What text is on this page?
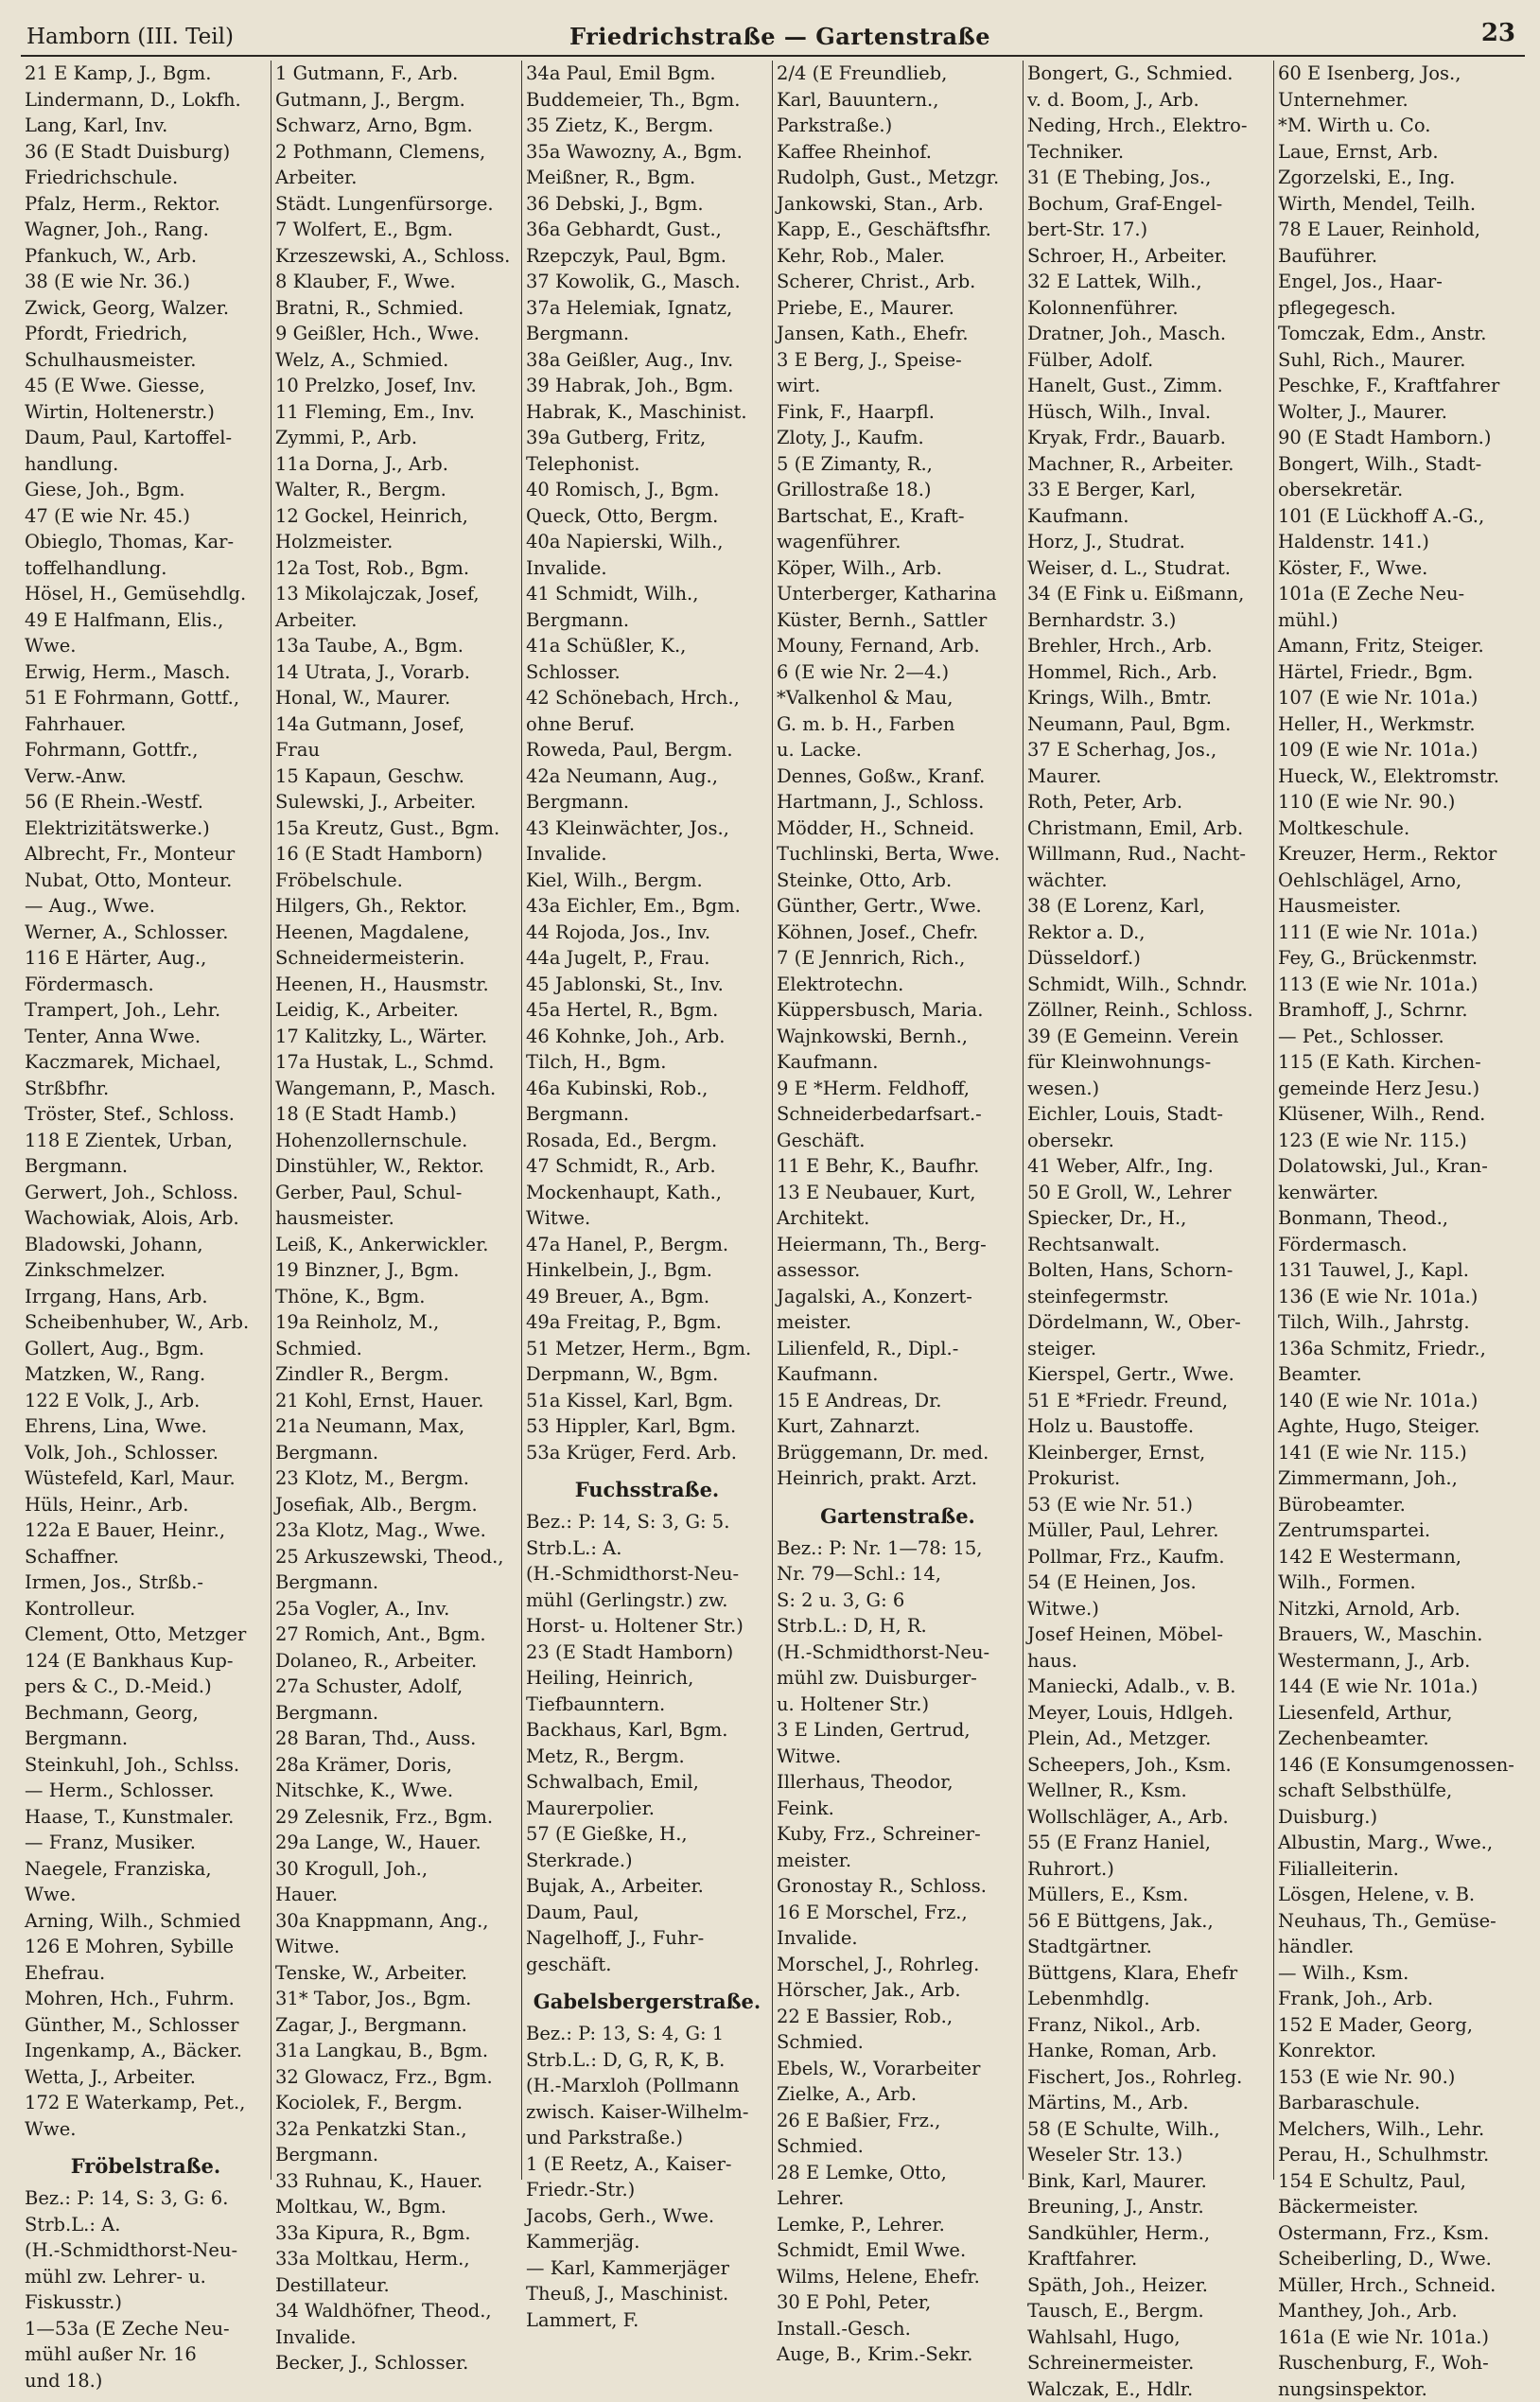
Hamborn (III. Teil)	Friedrichstraße — Gartenstraße	23
21 E Kamp, J., Bgm.
Lindermann, D., Lokfh.
Lang, Karl, Inv.
36 (E Stadt Duisburg)
Friedrichschule.
Pfalz, Herm., Rektor.
Wagner, Joh., Rang.
Pfankuch, W., Arb.
38 (E wie Nr. 36.)
Zwick, Georg, Walzer.
Pfordt, Friedrich,
Schulhausmeister.
45 (E Wwe. Giesse,
Wirtin, Holtenerstr.)
Daum, Paul, Kartoffel-
handlung.
Giese, Joh., Bgm.
47 (E wie Nr. 45.)
Obieglo, Thomas, Kar-
toffelhandlung.
Hösel, H., Gemüsehdlg.
49 E Halfmann, Elis.,
Wwe.
Erwig, Herm., Masch.
51 E Fohrmann, Gottf.,
Fahrhauer.
Fohrmann, Gottfr.,
Verw.-Anw.
56 (E Rhein.-Westf.
Elektrizitätswerke.)
Albrecht, Fr., Monteur
Nubat, Otto, Monteur.
— Aug., Wwe.
Werner, A., Schlosser.
116 E Härter, Aug.,
Fördermasch.
Trampert, Joh., Lehr.
Tenter, Anna Wwe.
Kaczmarek, Michael,
Strßbfhr.
Tröster, Stef., Schloss.
118 E Zientek, Urban,
Bergmann.
Gerwert, Joh., Schloss.
Wachowiak, Alois, Arb.
Bladowski, Johann,
Zinkschmelzer.
Irrgang, Hans, Arb.
Scheibenhuber, W., Arb.
Gollert, Aug., Bgm.
Matzken, W., Rang.
122 E Volk, J., Arb.
Ehrens, Lina, Wwe.
Volk, Joh., Schlosser.
Wüstefeld, Karl, Maur.
Hüls, Heinr., Arb.
122a E Bauer, Heinr.,
Schaffner.
Irmen, Jos., Strßb.-
Kontrolleur.
Clement, Otto, Metzger
124 (E Bankhaus Kup-
pers & C., D.-Meid.)
Bechmann, Georg,
Bergmann.
Steinkuhl, Joh., Schlss.
— Herm., Schlosser.
Haase, T., Kunstmaler.
— Franz, Musiker.
Naegele, Franziska,
Wwe.
Arning, Wilh., Schmied
126 E Mohren, Sybille
Ehefrau.
Mohren, Hch., Fuhrm.
Günther, M., Schlosser
Ingenkamp, A., Bäcker.
Wetta, J., Arbeiter.
172 E Waterkamp, Pet.,
Wwe.
Fröbelstraße.
Bez.: P: 14, S: 3, G: 6.
Strb.L.: A.
(H.-Schmidthorst-Neu-
mühl zw. Lehrer- u.
Fiskusstr.)
1—53a (E Zeche Neu-
mühl außer Nr. 16
und 18.)
1 Gutmann, F., Arb.
Gutmann, J., Bergm.
Schwarz, Arno, Bgm.
2 Pothmann, Clemens,
Arbeiter.
Städt. Lungenfürsorge.
7 Wolfert, E., Bgm.
Krzeszewski, A., Schloss.
8 Klauber, F., Wwe.
Bratni, R., Schmied.
9 Geißler, Hch., Wwe.
Welz, A., Schmied.
10 Prelzko, Josef, Inv.
11 Fleming, Em., Inv.
Zymmi, P., Arb.
11a Dorna, J., Arb.
Walter, R., Bergm.
12 Gockel, Heinrich,
Holzmeister.
12a Tost, Rob., Bgm.
13 Mikolajczak, Josef,
Arbeiter.
13a Taube, A., Bgm.
14 Utrata, J., Vorarb.
Honal, W., Maurer.
14a Gutmann, Josef,
Frau
15 Kapaun, Geschw.
Sulewski, J., Arbeiter.
15a Kreutz, Gust., Bgm.
16 (E Stadt Hamborn)
Fröbelschule.
Hilgers, Gh., Rektor.
Heenen, Magdalene,
Schneidermeisterin.
Heenen, H., Hausmstr.
Leidig, K., Arbeiter.
17 Kalitzky, L., Wärter.
17a Hustak, L., Schmd.
Wangemann, P., Masch.
18 (E Stadt Hamb.)
Hohenzollernschule.
Dinstühler, W., Rektor.
Gerber, Paul, Schul-
hausmeister.
Leiß, K., Ankerwickler.
19 Binzner, J., Bgm.
Thöne, K., Bgm.
19a Reinholz, M.,
Schmied.
Zindler R., Bergm.
21 Kohl, Ernst, Hauer.
21a Neumann, Max,
Bergmann.
23 Klotz, M., Bergm.
Josefiak, Alb., Bergm.
23a Klotz, Mag., Wwe.
25 Arkuszewski, Theod.,
Bergmann.
25a Vogler, A., Inv.
27 Romich, Ant., Bgm.
Dolaneo, R., Arbeiter.
27a Schuster, Adolf,
Bergmann.
28 Baran, Thd., Auss.
28a Krämer, Doris,
Nitschke, K., Wwe.
29 Zelesnik, Frz., Bgm.
29a Lange, W., Hauer.
30 Krogull, Joh.,
Hauer.
30a Knappmann, Ang.,
Witwe.
Tenske, W., Arbeiter.
31* Tabor, Jos., Bgm.
Zagar, J., Bergmann.
31a Langkau, B., Bgm.
32 Glowacz, Frz., Bgm.
Kociolek, F., Bergm.
32a Penkatzki Stan.,
Bergmann.
33 Ruhnau, K., Hauer.
Moltkau, W., Bgm.
33a Kipura, R., Bgm.
33a Moltkau, Herm.,
Destillateur.
34 Waldhöfner, Theod.,
Invalide.
Becker, J., Schlosser.
34a Paul, Emil Bgm.
Buddemeier, Th., Bgm.
35 Zietz, K., Bergm.
35a Wawozny, A., Bgm.
Meißner, R., Bgm.
36 Debski, J., Bgm.
36a Gebhardt, Gust.,
Rzepczyk, Paul, Bgm.
37 Kowolik, G., Masch.
37a Helemiak, Ignatz,
Bergmann.
38a Geißler, Aug., Inv.
39 Habrak, Joh., Bgm.
Habrak, K., Maschinist.
39a Gutberg, Fritz,
Telephonist.
40 Romisch, J., Bgm.
Queck, Otto, Bergm.
40a Napierski, Wilh.,
Invalide.
41 Schmidt, Wilh.,
Bergmann.
41a Schüßler, K.,
Schlosser.
42 Schönebach, Hrch.,
ohne Beruf.
Roweda, Paul, Bergm.
42a Neumann, Aug.,
Bergmann.
43 Kleinwächter, Jos.,
Invalide.
Kiel, Wilh., Bergm.
43a Eichler, Em., Bgm.
44 Rojoda, Jos., Inv.
44a Jugelt, P., Frau.
45 Jablonski, St., Inv.
45a Hertel, R., Bgm.
46 Kohnke, Joh., Arb.
Tilch, H., Bgm.
46a Kubinski, Rob.,
Bergmann.
Rosada, Ed., Bergm.
47 Schmidt, R., Arb.
Mockenhaupt, Kath.,
Witwe.
47a Hanel, P., Bergm.
Hinkelbein, J., Bgm.
49 Breuer, A., Bgm.
49a Freitag, P., Bgm.
51 Metzer, Herm., Bgm.
Derpmann, W., Bgm.
51a Kissel, Karl, Bgm.
53 Hippler, Karl, Bgm.
53a Krüger, Ferd. Arb.
Fuchsstraße.
Bez.: P: 14, S: 3, G: 5.
Strb.L.: A.
(H.-Schmidthorst-Neu-
mühl (Gerlingstr.) zw.
Horst- u. Holtener Str.)
23 (E Stadt Hamborn)
Heiling, Heinrich,
Tiefbaunntern.
Backhaus, Karl, Bgm.
Metz, R., Bergm.
Schwalbach, Emil,
Maurerpolier.
57 (E Gießke, H.,
Sterkrade.)
Bujak, A., Arbeiter.
Daum, Paul,
Nagelhoff, J., Fuhr-
geschäft.
Gabelsbergerstraße.
Bez.: P: 13, S: 4, G: 1
Strb.L.: D, G, R, K, B.
(H.-Marxloh (Pollmann
zwisch. Kaiser-Wilhelm-
und Parkstraße.)
1 (E Reetz, A., Kaiser-
Friedr.-Str.)
Jacobs, Gerh., Wwe.
Kammerjäg.
— Karl, Kammerjäger
Theuß, J., Maschinist.
Lammert, F.
2/4 (E Freundlieb,
Karl, Bauuntern.,
Parkstraße.)
Kaffee Rheinhof.
Rudolph, Gust., Metzgr.
Jankowski, Stan., Arb.
Kapp, E., Geschäftsfhr.
Kehr, Rob., Maler.
Scherer, Christ., Arb.
Priebe, E., Maurer.
Jansen, Kath., Ehefr.
3 E Berg, J., Speise-
wirt.
Fink, F., Haarpfl.
Zloty, J., Kaufm.
5 (E Zimanty, R.,
Grillostraße 18.)
Bartschat, E., Kraft-
wagenführer.
Köper, Wilh., Arb.
Unterberger, Katharina
Küster, Bernh., Sattler
Mouny, Fernand, Arb.
6 (E wie Nr. 2—4.)
*Valkenhol & Mau,
G. m. b. H., Farben
u. Lacke.
Dennes, Goßw., Kranf.
Hartmann, J., Schloss.
Mödder, H., Schneid.
Tuchlinski, Berta, Wwe.
Steinke, Otto, Arb.
Günther, Gertr., Wwe.
Köhnen, Josef., Chefr.
7 (E Jennrich, Rich.,
Elektrotechn.
Küppersbusch, Maria.
Wajnkowski, Bernh.,
Kaufmann.
9 E *Herm. Feldhoff,
Schneiderbedarfsart.-
Geschäft.
11 E Behr, K., Baufhr.
13 E Neubauer, Kurt,
Architekt.
Heiermann, Th., Berg-
assessor.
Jagalski, A., Konzert-
meister.
Lilienfeld, R., Dipl.-
Kaufmann.
15 E Andreas, Dr.
Kurt, Zahnarzt.
Brüggemann, Dr. med.
Heinrich, prakt. Arzt.
Gartenstraße.
Bez.: P: Nr. 1—78: 15,
Nr. 79—Schl.: 14,
S: 2 u. 3, G: 6
Strb.L.: D, H, R.
(H.-Schmidthorst-Neu-
mühl zw. Duisburger-
u. Holtener Str.)
3 E Linden, Gertrud,
Witwe.
Illerhaus, Theodor,
Feink.
Kuby, Frz., Schreiner-
meister.
Gronostay R., Schloss.
16 E Morschel, Frz.,
Invalide.
Morschel, J., Rohrleg.
Hörscher, Jak., Arb.
22 E Bassier, Rob.,
Schmied.
Ebels, W., Vorarbeiter
Zielke, A., Arb.
26 E Baßier, Frz.,
Schmied.
28 E Lemke, Otto,
Lehrer.
Lemke, P., Lehrer.
Schmidt, Emil Wwe.
Wilms, Helene, Ehefr.
30 E Pohl, Peter,
Install.-Gesch.
Auge, B., Krim.-Sekr.
Bongert, G., Schmied.
v. d. Boom, J., Arb.
Neding, Hrch., Elektro-
Techniker.
31 (E Thebing, Jos.,
Bochum, Graf-Engel-
bert-Str. 17.)
Schroer, H., Arbeiter.
32 E Lattek, Wilh.,
Kolonnenführer.
Dratner, Joh., Masch.
Fülber, Adolf.
Hanelt, Gust., Zimm.
Hüsch, Wilh., Inval.
Kryak, Frdr., Bauarb.
Machner, R., Arbeiter.
33 E Berger, Karl,
Kaufmann.
Horz, J., Studrat.
Weiser, d. L., Studrat.
34 (E Fink u. Eißmann,
Bernhardstr. 3.)
Brehler, Hrch., Arb.
Hommel, Rich., Arb.
Krings, Wilh., Bmtr.
Neumann, Paul, Bgm.
37 E Scherhag, Jos.,
Maurer.
Roth, Peter, Arb.
Christmann, Emil, Arb.
Willmann, Rud., Nacht-
wächter.
38 (E Lorenz, Karl,
Rektor a. D.,
Düsseldorf.)
Schmidt, Wilh., Schndr.
Zöllner, Reinh., Schloss.
39 (E Gemeinn. Verein
für Kleinwohnungs-
wesen.)
Eichler, Louis, Stadt-
obersekr.
41 Weber, Alfr., Ing.
50 E Groll, W., Lehrer
Spiecker, Dr., H.,
Rechtsanwalt.
Bolten, Hans, Schorn-
steinfegermstr.
Dördelmann, W., Ober-
steiger.
Kierspel, Gertr., Wwe.
51 E *Friedr. Freund,
Holz u. Baustoffe.
Kleinberger, Ernst,
Prokurist.
53 (E wie Nr. 51.)
Müller, Paul, Lehrer.
Pollmar, Frz., Kaufm.
54 (E Heinen, Jos.
Witwe.)
Josef Heinen, Möbel-
haus.
Maniecki, Adalb., v. B.
Meyer, Louis, Hdlgeh.
Plein, Ad., Metzger.
Scheepers, Joh., Ksm.
Wellner, R., Ksm.
Wollschläger, A., Arb.
55 (E Franz Haniel,
Ruhrort.)
Müllers, E., Ksm.
56 E Büttgens, Jak.,
Stadtgärtner.
Büttgens, Klara, Ehefr
Lebenmhdlg.
Franz, Nikol., Arb.
Hanke, Roman, Arb.
Fischert, Jos., Rohrleg.
Märtins, M., Arb.
58 (E Schulte, Wilh.,
Weseler Str. 13.)
Bink, Karl, Maurer.
Breuning, J., Anstr.
Sandkühler, Herm.,
Kraftfahrer.
Späth, Joh., Heizer.
Tausch, E., Bergm.
Wahlsahl, Hugo,
Schreinermeister.
Walczak, E., Hdlr.
60 E Isenberg, Jos.,
Unternehmer.
*M. Wirth u. Co.
Laue, Ernst, Arb.
Zgorzelski, E., Ing.
Wirth, Mendel, Teilh.
78 E Lauer, Reinhold,
Bauführer.
Engel, Jos., Haar-
pflegegesch.
Tomczak, Edm., Anstr.
Suhl, Rich., Maurer.
Peschke, F., Kraftfahrer
Wolter, J., Maurer.
90 (E Stadt Hamborn.)
Bongert, Wilh., Stadt-
obersekretär.
101 (E Lückhoff A.-G.,
Haldenstr. 141.)
Köster, F., Wwe.
101a (E Zeche Neu-
mühl.)
Amann, Fritz, Steiger.
Härtel, Friedr., Bgm.
107 (E wie Nr. 101a.)
Heller, H., Werkmstr.
109 (E wie Nr. 101a.)
Hueck, W., Elektromstr.
110 (E wie Nr. 90.)
Moltkeschule.
Kreuzer, Herm., Rektor
Oehlschlägel, Arno,
Hausmeister.
111 (E wie Nr. 101a.)
Fey, G., Brückenmstr.
113 (E wie Nr. 101a.)
Bramhoff, J., Schrnr.
— Pet., Schlosser.
115 (E Kath. Kirchen-
gemeinde Herz Jesu.)
Klüsener, Wilh., Rend.
123 (E wie Nr. 115.)
Dolatowski, Jul., Kran-
kenwärter.
Bonmann, Theod.,
Fördermasch.
131 Tauwel, J., Kapl.
136 (E wie Nr. 101a.)
Tilch, Wilh., Jahrstg.
136a Schmitz, Friedr.,
Beamter.
140 (E wie Nr. 101a.)
Aghte, Hugo, Steiger.
141 (E wie Nr. 115.)
Zimmermann, Joh.,
Bürobeamter.
Zentrumspartei.
142 E Westermann,
Wilh., Formen.
Nitzki, Arnold, Arb.
Brauers, W., Maschin.
Westermann, J., Arb.
144 (E wie Nr. 101a.)
Liesenfeld, Arthur,
Zechenbeamter.
146 (E Konsumgenossen-
schaft Selbsthülfe,
Duisburg.)
Albustin, Marg., Wwe.,
Filialleiterin.
Lösgen, Helene, v. B.
Neuhaus, Th., Gemüse-
händler.
— Wilh., Ksm.
Frank, Joh., Arb.
152 E Mader, Georg,
Konrektor.
153 (E wie Nr. 90.)
Barbaraschule.
Melchers, Wilh., Lehr.
Perau, H., Schulhmstr.
154 E Schultz, Paul,
Bäckermeister.
Ostermann, Frz., Ksm.
Scheiberling, D., Wwe.
Müller, Hrch., Schneid.
Manthey, Joh., Arb.
161a (E wie Nr. 101a.)
Ruschenburg, F., Woh-
nungsinspektor.
